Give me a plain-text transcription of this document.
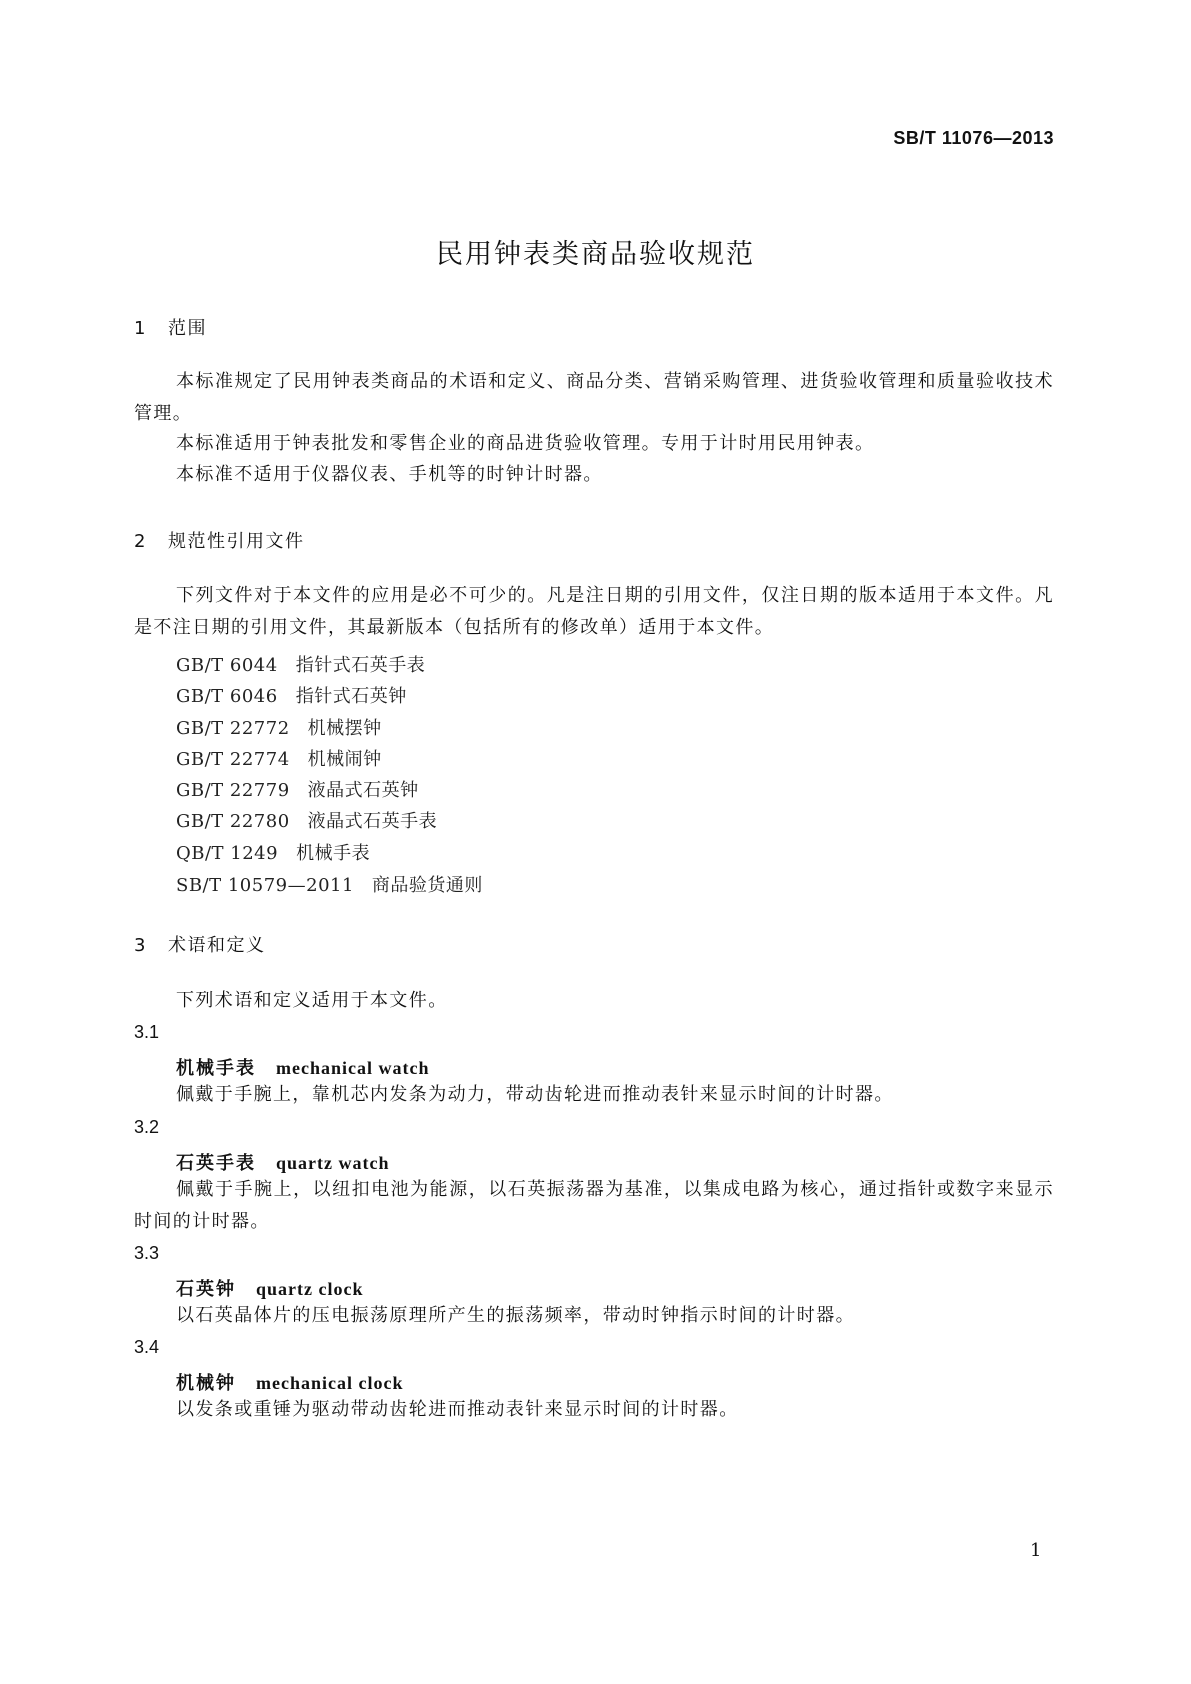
SB/T 11076—2013
民用钟表类商品验收规范
1 范围
本标准规定了民用钟表类商品的术语和定义、商品分类、营销采购管理、进货验收管理和质量验收技术管理。
本标准适用于钟表批发和零售企业的商品进货验收管理。专用于计时用民用钟表。
本标准不适用于仪器仪表、手机等的时钟计时器。
2 规范性引用文件
下列文件对于本文件的应用是必不可少的。凡是注日期的引用文件，仅注日期的版本适用于本文件。凡是不注日期的引用文件，其最新版本（包括所有的修改单）适用于本文件。
GB/T 6044 指针式石英手表
GB/T 6046 指针式石英钟
GB/T 22772 机械摆钟
GB/T 22774 机械闹钟
GB/T 22779 液晶式石英钟
GB/T 22780 液晶式石英手表
QB/T 1249 机械手表
SB/T 10579—2011 商品验货通则
3 术语和定义
下列术语和定义适用于本文件。
3.1
机械手表 mechanical watch
佩戴于手腕上，靠机芯内发条为动力，带动齿轮进而推动表针来显示时间的计时器。
3.2
石英手表 quartz watch
佩戴于手腕上，以纽扣电池为能源，以石英振荡器为基准，以集成电路为核心，通过指针或数字来显示时间的计时器。
3.3
石英钟 quartz clock
以石英晶体片的压电振荡原理所产生的振荡频率，带动时钟指示时间的计时器。
3.4
机械钟 mechanical clock
以发条或重锤为驱动带动齿轮进而推动表针来显示时间的计时器。
1
